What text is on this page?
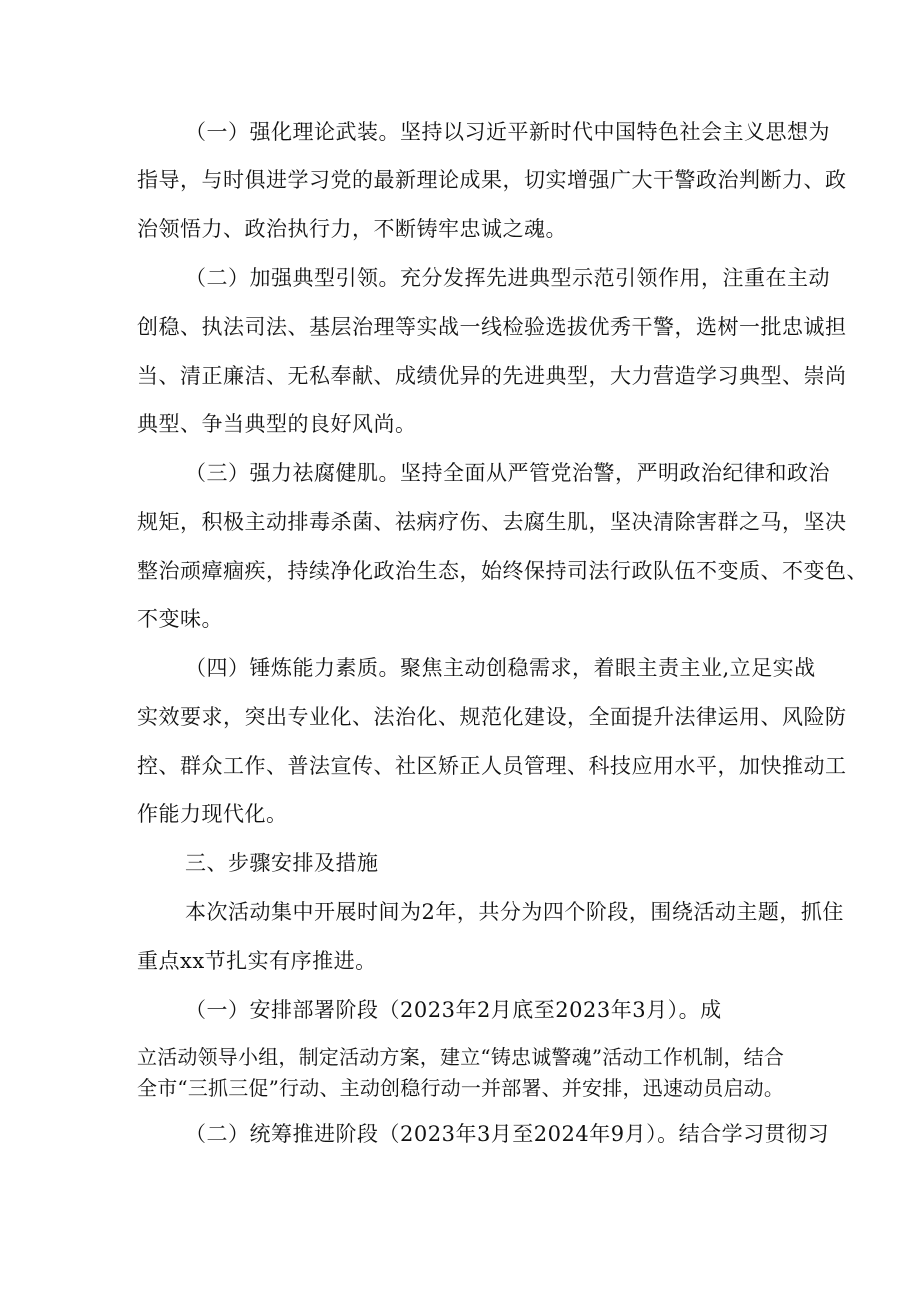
（一）强化理论武装。坚持以习近平新时代中国特色社会主义思想为
指导，与时俱进学习党的最新理论成果，切实增强广大干警政治判断力、政
治领悟力、政治执行力，不断铸牢忠诚之魂。
（二）加强典型引领。充分发挥先进典型示范引领作用，注重在主动
创稳、执法司法、基层治理等实战一线检验选拔优秀干警，选树一批忠诚担
当、清正廉洁、无私奉献、成绩优异的先进典型，大力营造学习典型、崇尚
典型、争当典型的良好风尚。
（三）强力祛腐健肌。坚持全面从严管党治警，严明政治纪律和政治
规矩，积极主动排毒杀菌、祛病疗伤、去腐生肌，坚决清除害群之马，坚决
整治顽瘴痼疾，持续净化政治生态，始终保持司法行政队伍不变质、不变色、
不变味。
（四）锤炼能力素质。聚焦主动创稳需求，着眼主责主业,立足实战
实效要求，突出专业化、法治化、规范化建设，全面提升法律运用、风险防
控、群众工作、普法宣传、社区矫正人员管理、科技应用水平，加快推动工
作能力现代化。
三、步骤安排及措施
本次活动集中开展时间为2年，共分为四个阶段，围绕活动主题，抓住
重点xx节扎实有序推进。
（一）安排部署阶段（2023年2月底至2023年3月）。成
立活动领导小组，制定活动方案，建立“铸忠诚警魂”活动工作机制，结合
全市“三抓三促”行动、主动创稳行动一并部署、并安排，迅速动员启动。
（二）统筹推进阶段（2023年3月至2024年9月）。结合学习贯彻习
